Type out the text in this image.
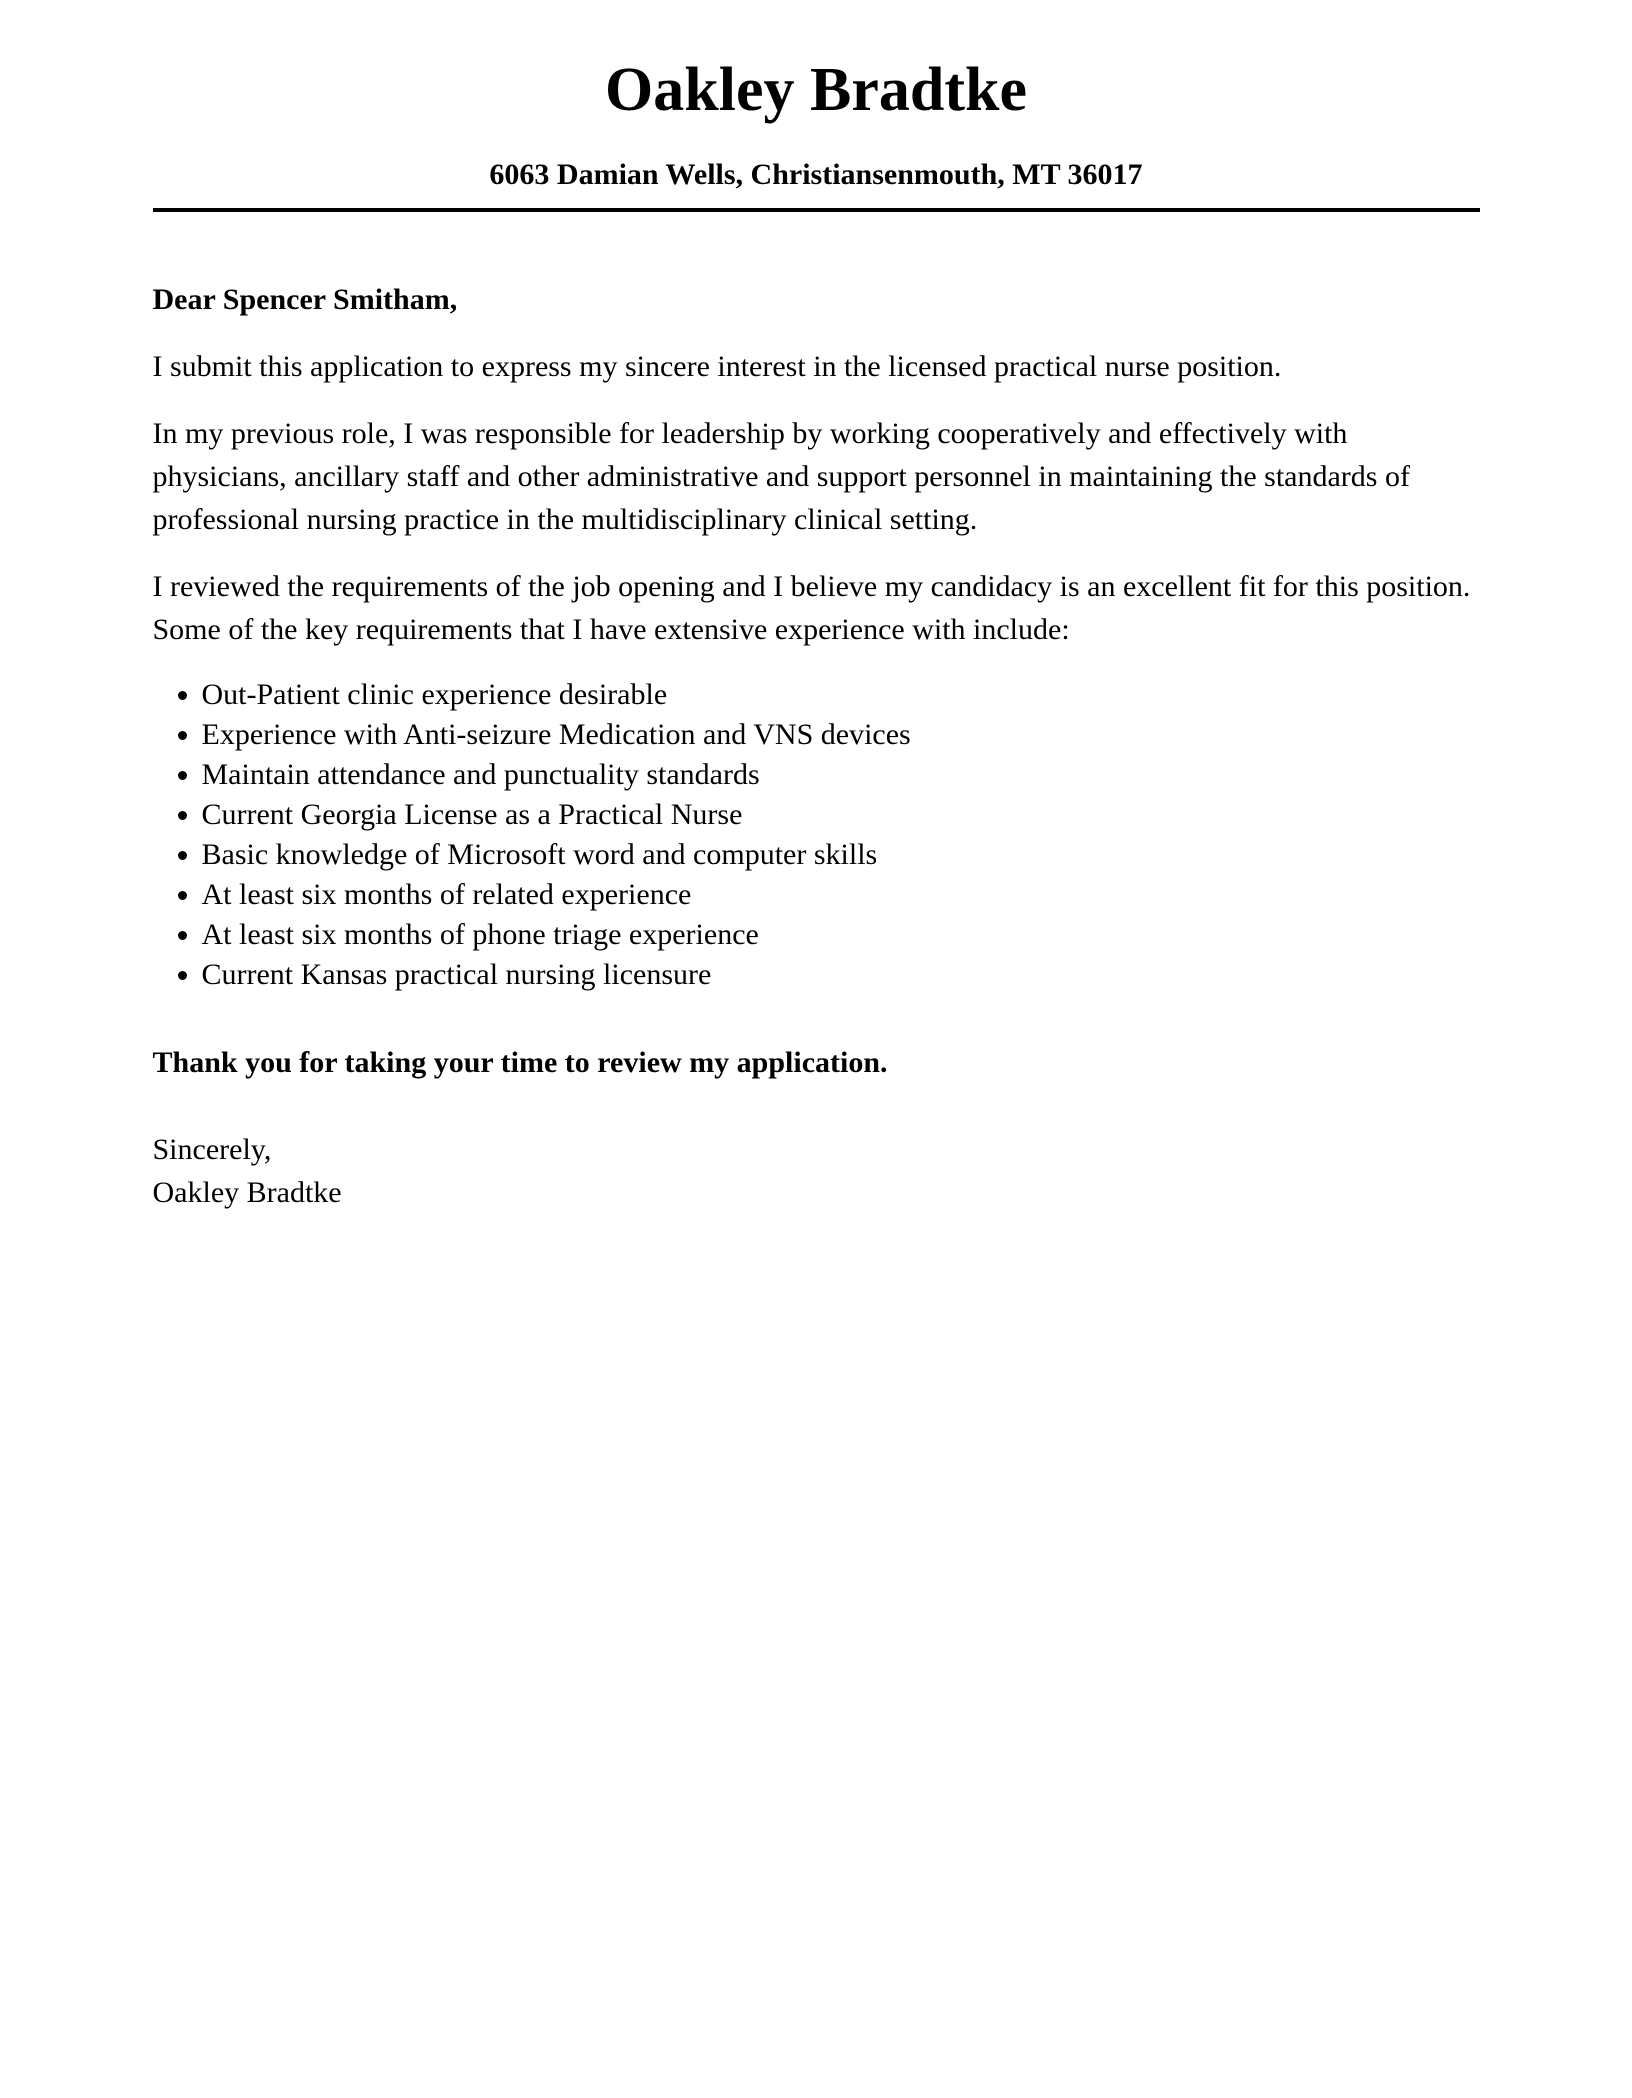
Oakley Bradtke
6063 Damian Wells, Christiansenmouth, MT 36017
Dear Spencer Smitham,

I submit this application to express my sincere interest in the licensed practical nurse position.

In my previous role, I was responsible for leadership by working cooperatively and effectively with physicians, ancillary staff and other administrative and support personnel in maintaining the standards of professional nursing practice in the multidisciplinary clinical setting.

I reviewed the requirements of the job opening and I believe my candidacy is an excellent fit for this position. Some of the key requirements that I have extensive experience with include:

• Out-Patient clinic experience desirable
• Experience with Anti-seizure Medication and VNS devices
• Maintain attendance and punctuality standards
• Current Georgia License as a Practical Nurse
• Basic knowledge of Microsoft word and computer skills
• At least six months of related experience
• At least six months of phone triage experience
• Current Kansas practical nursing licensure
Thank you for taking your time to review my application.
Sincerely,
Oakley Bradtke
